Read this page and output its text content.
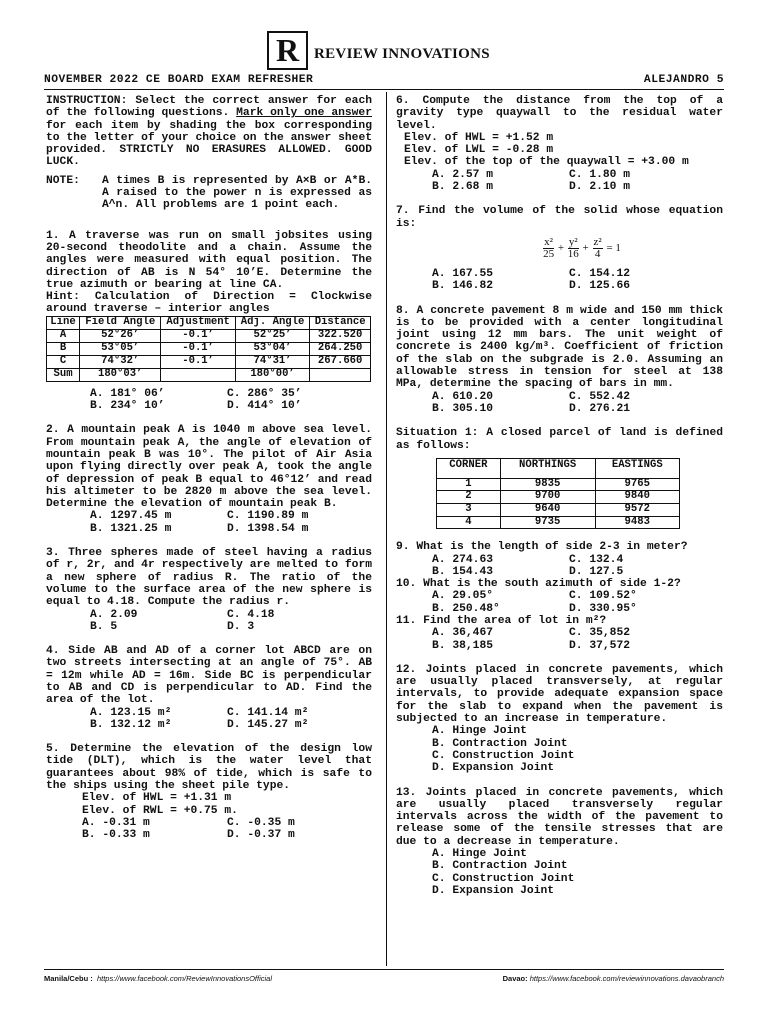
R REVIEW INNOVATIONS
NOVEMBER 2022 CE BOARD EXAM REFRESHER	ALEJANDRO 5
INSTRUCTION: Select the correct answer for each of the following questions. Mark only one answer for each item by shading the box corresponding to the letter of your choice on the answer sheet provided. STRICTLY NO ERASURES ALLOWED. GOOD LUCK.
NOTE:	A times B is represented by A×B or A*B. A raised to the power n is expressed as A^n. All problems are 1 point each.
1. A traverse was run on small jobsites using 20-second theodolite and a chain. Assume the angles were measured with equal position. The direction of AB is N 54° 10’E. Determine the true azimuth or bearing at line CA.
Hint: Calculation of Direction = Clockwise around traverse – interior angles
Line	Field Angle	Adjustment	Adj. Angle	Distance
A	52°26’	-0.1’	52°25’	322.520
B	53°05’	-0.1’	53°04’	264.250
C	74°32’	-0.1’	74°31’	267.660
Sum	180°03’		180°00’	
A. 181° 06’	C. 286° 35’
B. 234° 10’	D. 414° 10’
2. A mountain peak A is 1040 m above sea level. From mountain peak A, the angle of elevation of mountain peak B was 10°. The pilot of Air Asia upon flying directly over peak A, took the angle of depression of peak B equal to 46°12’ and read his altimeter to be 2820 m above the sea level. Determine the elevation of mountain peak B.
A. 1297.45 m	C. 1190.89 m
B. 1321.25 m	D. 1398.54 m
3. Three spheres made of steel having a radius of r, 2r, and 4r respectively are melted to form a new sphere of radius R. The ratio of the volume to the surface area of the new sphere is equal to 4.18. Compute the radius r.
A. 2.09	C. 4.18
B. 5	D. 3
4. Side AB and AD of a corner lot ABCD are on two streets intersecting at an angle of 75°. AB = 12m while AD = 16m. Side BC is perpendicular to AB and CD is perpendicular to AD. Find the area of the lot.
A. 123.15 m²	C. 141.14 m²
B. 132.12 m²	D. 145.27 m²
5. Determine the elevation of the design low tide (DLT), which is the water level that guarantees about 98% of tide, which is safe to the ships using the sheet pile type.
Elev. of HWL = +1.31 m
Elev. of RWL = +0.75 m.
A. -0.31 m	C. -0.35 m
B. -0.33 m	D. -0.37 m
6. Compute the distance from the top of a gravity type quaywall to the residual water level.
Elev. of HWL = +1.52 m
Elev. of LWL = -0.28 m
Elev. of the top of the quaywall = +3.00 m
A. 2.57 m	C. 1.80 m
B. 2.68 m	D. 2.10 m
7. Find the volume of the solid whose equation is:
$\frac{\text{x²}}{25} + \frac{\text{y²}}{16} + \frac{\text{z²}}{4} = 1$
A. 167.55	C. 154.12
B. 146.82	D. 125.66
8. A concrete pavement 8 m wide and 150 mm thick is to be provided with a center longitudinal joint using 12 mm bars. The unit weight of concrete is 2400 kg/m³. Coefficient of friction of the slab on the subgrade is 2.0. Assuming an allowable stress in tension for steel at 138 MPa, determine the spacing of bars in mm.
A. 610.20	C. 552.42
B. 305.10	D. 276.21
Situation 1: A closed parcel of land is defined as follows:
CORNER	NORTHINGS	EASTINGS
1	9835	9765
2	9700	9840
3	9640	9572
4	9735	9483
9. What is the length of side 2-3 in meter?
A. 274.63	C. 132.4
B. 154.43	D. 127.5
10. What is the south azimuth of side 1-2?
A. 29.05°	C. 109.52°
B. 250.48°	D. 330.95°
11. Find the area of lot in m²?
A. 36,467	C. 35,852
B. 38,185	D. 37,572
12. Joints placed in concrete pavements, which are usually placed transversely, at regular intervals, to provide adequate expansion space for the slab to expand when the pavement is subjected to an increase in temperature.
A. Hinge Joint
B. Contraction Joint
C. Construction Joint
D. Expansion Joint
13. Joints placed in concrete pavements, which are usually placed transversely regular intervals across the width of the pavement to release some of the tensile stresses that are due to a decrease in temperature.
A. Hinge Joint
B. Contraction Joint
C. Construction Joint
D. Expansion Joint
Manila/Cebu : https://www.facebook.com/ReviewInnovationsOfficial	Davao: https://www.facebook.com/reviewinnovations.davaobranch
